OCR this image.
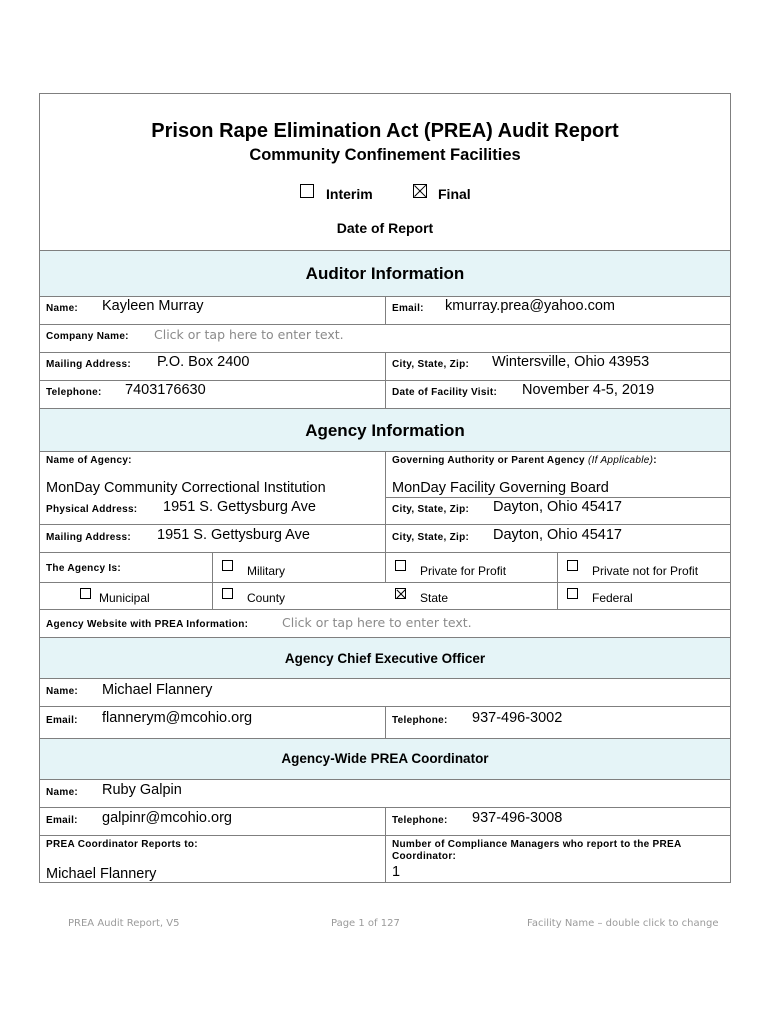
Prison Rape Elimination Act (PREA) Audit Report
Community Confinement Facilities
Interim	Final
Date of Report
Auditor Information
Name: Kayleen Murray	Email: kmurray.prea@yahoo.com
Company Name: Click or tap here to enter text.
Mailing Address: P.O. Box 2400	City, State, Zip: Wintersville, Ohio 43953
Telephone: 7403176630	Date of Facility Visit: November 4-5, 2019
Agency Information
Name of Agency:
MonDay Community Correctional Institution
Governing Authority or Parent Agency (If Applicable):
MonDay Facility Governing Board
Physical Address: 1951 S. Gettysburg Ave	City, State, Zip: Dayton, Ohio 45417
Mailing Address: 1951 S. Gettysburg Ave	City, State, Zip: Dayton, Ohio 45417
The Agency Is:	Military	Private for Profit	Private not for Profit
Municipal	County	State	Federal
Agency Website with PREA Information:	Click or tap here to enter text.
Agency Chief Executive Officer
Name: Michael Flannery
Email: flannerym@mcohio.org	Telephone: 937-496-3002
Agency-Wide PREA Coordinator
Name: Ruby Galpin
Email: galpinr@mcohio.org	Telephone: 937-496-3008
PREA Coordinator Reports to:
Michael Flannery
Number of Compliance Managers who report to the PREA Coordinator:
1
PREA Audit Report, V5	Page 1 of 127	Facility Name – double click to change
